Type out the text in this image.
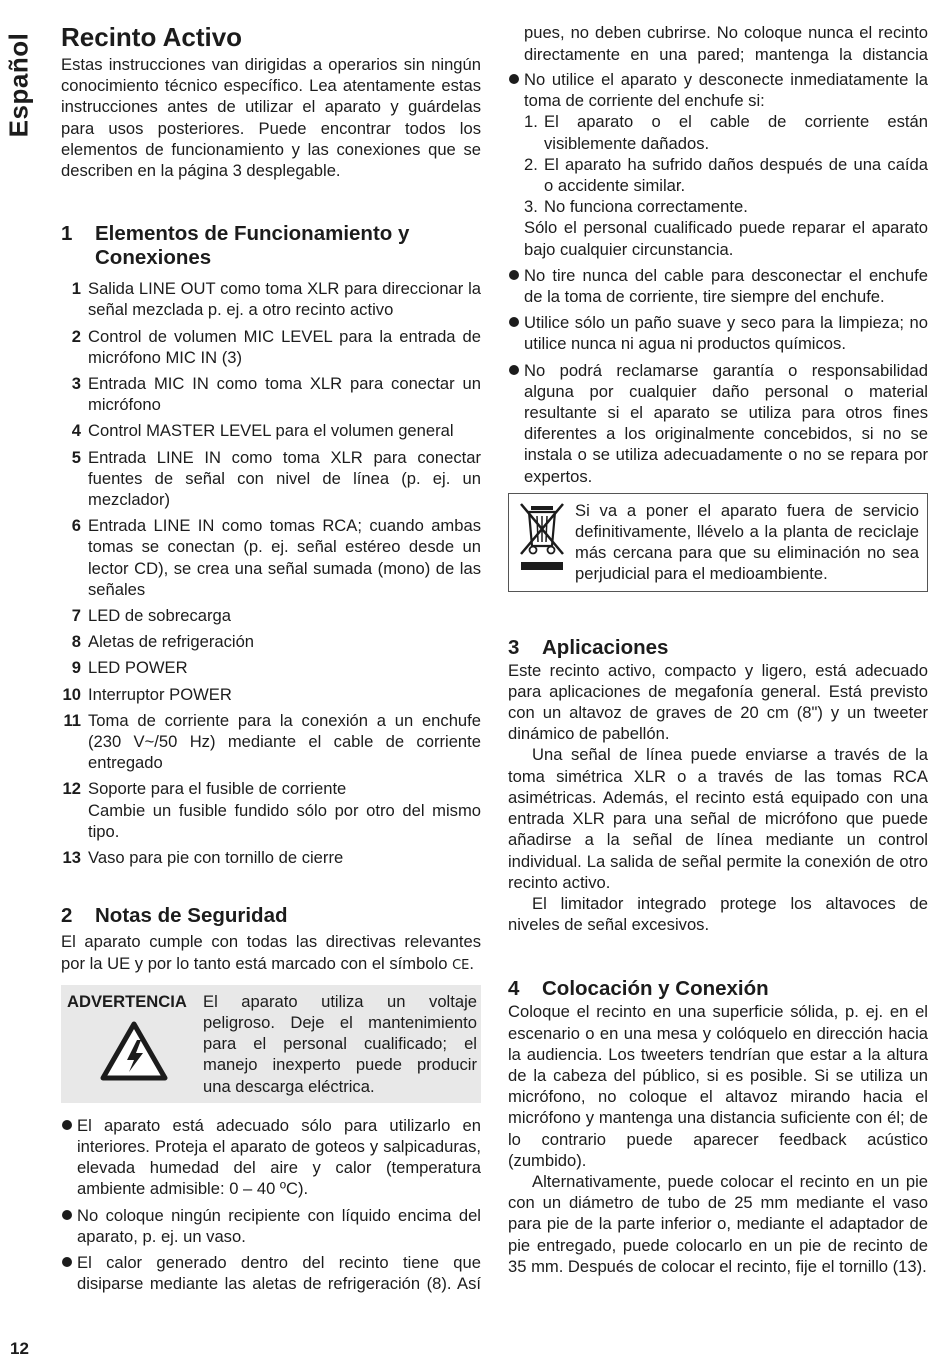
Español Recinto Activo

Estas instrucciones van dirigidas a operarios sin ningún conocimiento técnico específico. Lea atentamente estas instrucciones antes de utilizar el aparato y guárdelas para usos posteriores. Puede encontrar todos los elementos de funcionamiento y las conexiones que se describen en la página 3 desplegable.

1 Elementos de Funcionamiento y Conexiones
1 Salida LINE OUT como toma XLR para direccionar la señal mezclada p. ej. a otro recinto activo
2 Control de volumen MIC LEVEL para la entrada de micrófono MIC IN (3)
3 Entrada MIC IN como toma XLR para conectar un micrófono
4 Control MASTER LEVEL para el volumen general
5 Entrada LINE IN como toma XLR para conectar fuentes de señal con nivel de línea (p. ej. un mezclador)
6 Entrada LINE IN como tomas RCA; cuando ambas tomas se conectan (p. ej. señal estéreo desde un lector CD), se crea una señal sumada (mono) de las señales
7 LED de sobrecarga
8 Aletas de refrigeración
9 LED POWER
10 Interruptor POWER
11 Toma de corriente para la conexión a un enchufe (230 V~/50 Hz) mediante el cable de corriente entregado
12 Soporte para el fusible de corriente
Cambie un fusible fundido sólo por otro del mismo tipo.
13 Vaso para pie con tornillo de cierre
2 Notas de Seguridad

El aparato cumple con todas las directivas relevantes por la UE y por lo tanto está marcado con el símbolo CE.

ADVERTENCIA El aparato utiliza un voltaje peligroso. Deje el mantenimiento para el personal cualificado; el manejo inexperto puede producir una descarga eléctrica.
El aparato está adecuado sólo para utilizarlo en interiores. Proteja el aparato de goteos y salpicaduras, elevada humedad del aire y calor (temperatura ambiente admisible: 0 – 40 ºC).
No coloque ningún recipiente con líquido encima del aparato, p. ej. un vaso.
El calor generado dentro del recinto tiene que disiparse mediante las aletas de refrigeración (8). Así
pues, no deben cubrirse. No coloque nunca el recinto directamente en una pared; mantenga la distancia
No utilice el aparato y desconecte inmediatamente la toma de corriente del enchufe si:
1. El aparato o el cable de corriente están visiblemente dañados.
2. El aparato ha sufrido daños después de una caída o accidente similar.
3. No funciona correctamente.

Sólo el personal cualificado puede reparar el aparato bajo cualquier circunstancia.

No tire nunca del cable para desconectar el enchufe de la toma de corriente, tire siempre del enchufe.
Utilice sólo un paño suave y seco para la limpieza; no utilice nunca ni agua ni productos químicos.
No podrá reclamarse garantía o responsabilidad alguna por cualquier daño personal o material resultante si el aparato se utiliza para otros fines diferentes a los originalmente concebidos, si no se instala o se utiliza adecuadamente o no se repara por expertos.
Si va a poner el aparato fuera de servicio definitivamente, llévelo a la planta de reciclaje más cercana para que su eliminación no sea perjudicial para el medioambiente.
3 Aplicaciones

Este recinto activo, compacto y ligero, está adecuado para aplicaciones de megafonía general. Está previsto con un altavoz de graves de 20 cm (8") y un tweeter dinámico de pabellón.

Una señal de línea puede enviarse a través de la toma simétrica XLR o a través de las tomas RCA asimétricas. Además, el recinto está equipado con una entrada XLR para una señal de micrófono que puede añadirse a la señal de línea mediante un control individual. La salida de señal permite la conexión de otro recinto activo.

El limitador integrado protege los altavoces de niveles de señal excesivos.

4 Colocación y Conexión

Coloque el recinto en una superficie sólida, p. ej. en el escenario o en una mesa y colóquelo en dirección hacia la audiencia. Los tweeters tendrían que estar a la altura de la cabeza del público, si es posible. Si se utiliza un micrófono, no coloque el altavoz mirando hacia el micrófono y mantenga una distancia suficiente con él; de lo contrario puede aparecer feedback acústico (zumbido).

Alternativamente, puede colocar el recinto en un pie con un diámetro de tubo de 25 mm mediante el vaso para pie de la parte inferior o, mediante el adaptador de pie entregado, puede colocarlo en un pie de recinto de 35 mm. Después de colocar el recinto, fije el tornillo (13).

12
